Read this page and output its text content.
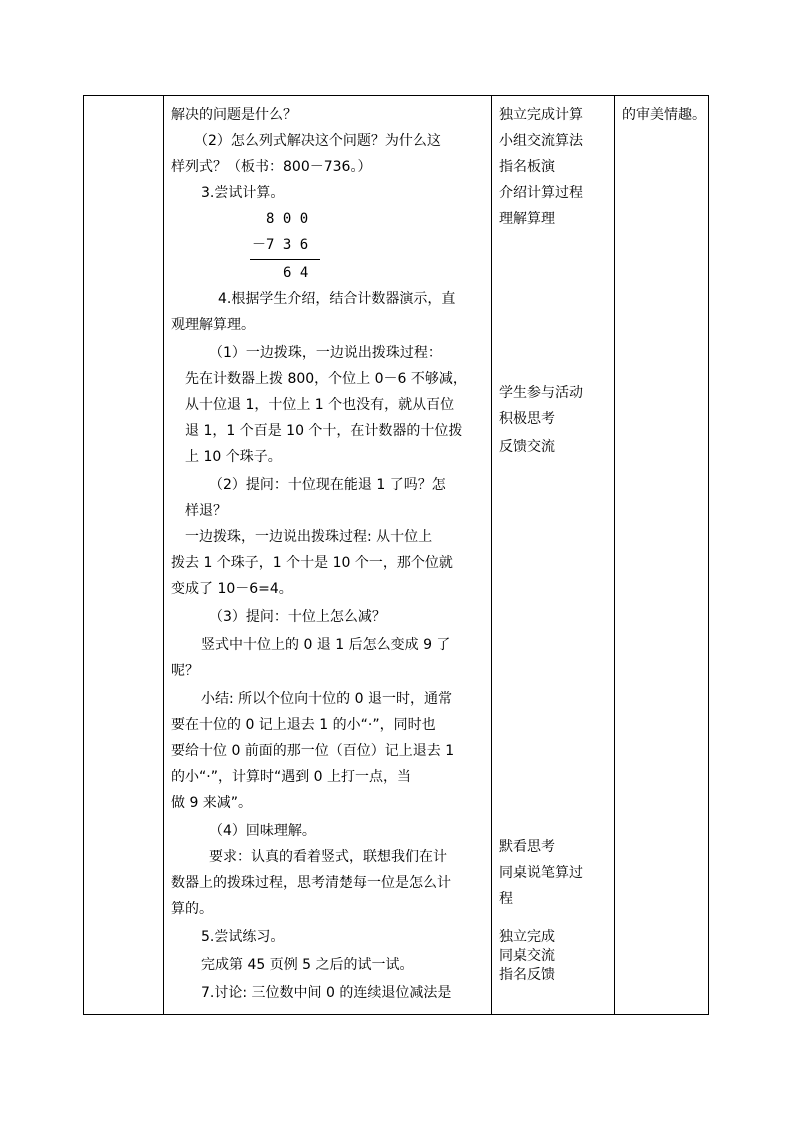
解决的问题是什么？
（2）怎么列式解决这个问题？为什么这
样列式？（板书：800－736。）
3.尝试计算。
8 0 0
－7 3 6
6 4
4.根据学生介绍，结合计数器演示，直
观理解算理。
（1）一边拨珠，一边说出拨珠过程：
先在计数器上拨 800，个位上 0－6 不够减，
从十位退 1，十位上 1 个也没有，就从百位
退 1，1 个百是 10 个十，在计数器的十位拨
上 10 个珠子。
（2）提问：十位现在能退 1 了吗？怎
样退？
一边拨珠，一边说出拨珠过程: 从十位上
拨去 1 个珠子，1 个十是 10 个一，那个位就
变成了 10－6=4。
（3）提问：十位上怎么减？
竖式中十位上的 0 退 1 后怎么变成 9 了
呢？
小结: 所以个位向十位的 0 退一时，通常
要在十位的 0 记上退去 1 的小“·”，同时也
要给十位 0 前面的那一位（百位）记上退去 1
的小“·”，计算时“遇到 0 上打一点，当
做 9 来减”。
（4）回味理解。
要求：认真的看着竖式，联想我们在计
数器上的拨珠过程，思考清楚每一位是怎么计
算的。
5.尝试练习。
完成第 45 页例 5 之后的试一试。
7.讨论: 三位数中间 0 的连续退位减法是
独立完成计算
小组交流算法
指名板演
介绍计算过程
理解算理
学生参与活动
积极思考
反馈交流
默看思考
同桌说笔算过
程
独立完成
同桌交流
指名反馈
的审美情趣。
